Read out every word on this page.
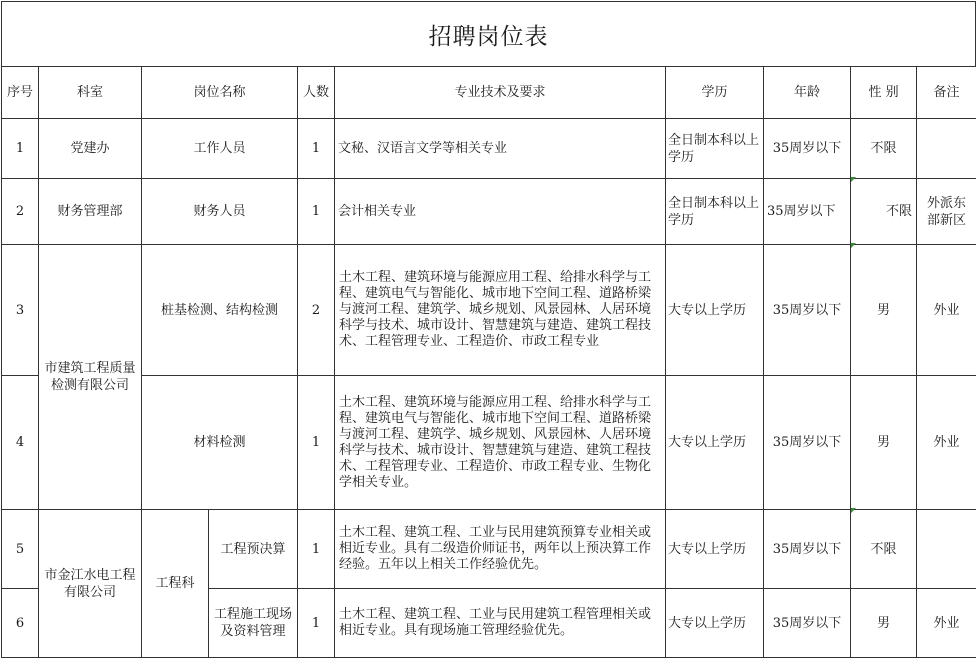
招聘岗位表
序号	科室	岗位名称		人数	专业技术及要求	学历	年龄	性 别	备注
1	党建办	工作人员		1	文秘、汉语言文学等相关专业	全日制本科以上学历	35周岁以下	不限	
2	财务管理部	财务人员		1	会计相关专业	全日制本科以上学历	35周岁以下	不限	外派东部新区
3	市建筑工程质量检测有限公司	桩基检测、结构检测		2	土木工程、建筑环境与能源应用工程、给排水科学与工程、建筑电气与智能化、城市地下空间工程、道路桥梁与渡河工程、建筑学、城乡规划、风景园林、人居环境科学与技术、城市设计、智慧建筑与建造、建筑工程技术、工程管理专业、工程造价、市政工程专业	大专以上学历	35周岁以下	男	外业
4		材料检测		1	土木工程、建筑环境与能源应用工程、给排水科学与工程、建筑电气与智能化、城市地下空间工程、道路桥梁与渡河工程、建筑学、城乡规划、风景园林、人居环境科学与技术、城市设计、智慧建筑与建造、建筑工程技术、工程管理专业、工程造价、市政工程专业、生物化学相关专业。	大专以上学历	35周岁以下	男	外业
5	市金江水电工程有限公司	工程科	工程预决算	1	土木工程、建筑工程、工业与民用建筑预算专业相关或相近专业。具有二级造价师证书，两年以上预决算工作经验。五年以上相关工作经验优先。	大专以上学历	35周岁以下	不限	
6			工程施工现场及资料管理	1	土木工程、建筑工程、工业与民用建筑工程管理相关或相近专业。具有现场施工管理经验优先。	大专以上学历	35周岁以下	男	外业
